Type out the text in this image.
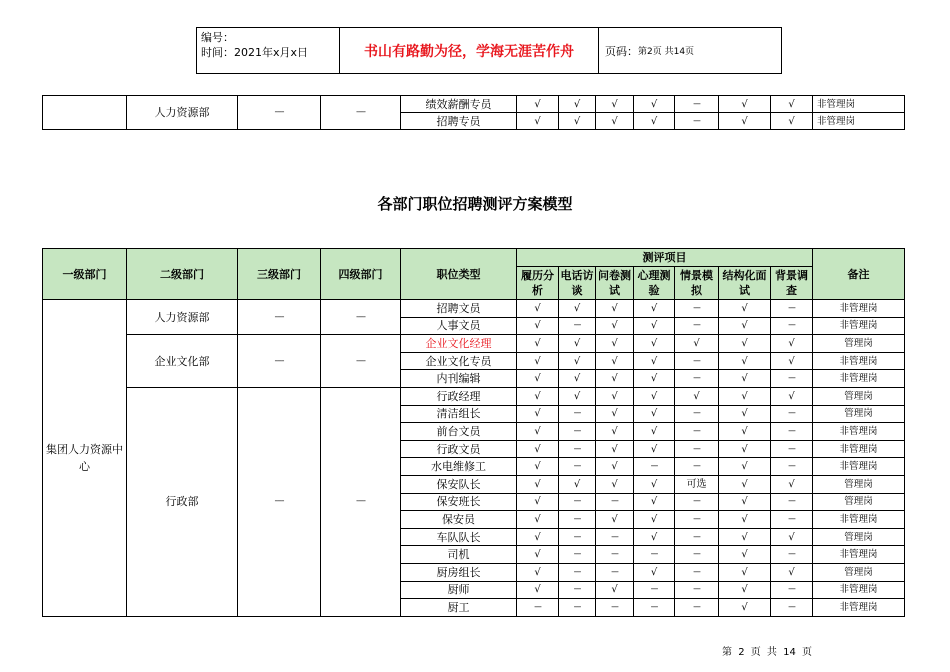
编号：
时间：2021年x月x日	书山有路勤为径，学海无涯苦作舟	页码： 第2页 共14页
	人力资源部	----	----	绩效薪酬专员	√	√	√	√	---	√	√	非管理岗
				招聘专员	√	√	√	√	---	√	√	非管理岗
各部门职位招聘测评方案模型
一级部门	二级部门	三级部门	四级部门	职位类型	测评项目							备注
					履历分析	电话访谈	问卷测试	心理测验	情景模拟	结构化面试	背景调查	
集团人力资源中心	人力资源部	----	----	招聘文员	√	√	√	√	---	√	---	非管理岗
				人事文员	√	---	√	√	---	√	---	非管理岗
	企业文化部	----	----	企业文化经理	√	√	√	√	√	√	√	管理岗
				企业文化专员	√	√	√	√	---	√	√	非管理岗
				内刊编辑	√	√	√	√	---	√	---	非管理岗
	行政部	----	----	行政经理	√	√	√	√	√	√	√	管理岗
				清洁组长	√	---	√	√	---	√	---	管理岗
				前台文员	√	---	√	√	---	√	---	非管理岗
				行政文员	√	---	√	√	---	√	---	非管理岗
				水电维修工	√	---	√	---	---	√	---	非管理岗
				保安队长	√	√	√	√	可选	√	√	管理岗
				保安班长	√	---	---	√	---	√	---	管理岗
				保安员	√	---	√	√	---	√	---	非管理岗
				车队队长	√	---	---	√	---	√	√	管理岗
				司机	√	---	---	---	---	√	---	非管理岗
				厨房组长	√	---	---	√	---	√	√	管理岗
				厨师	√	---	√	---	---	√	---	非管理岗
				厨工	---	---	---	---	---	√	---	非管理岗
第 2 页 共 14 页
